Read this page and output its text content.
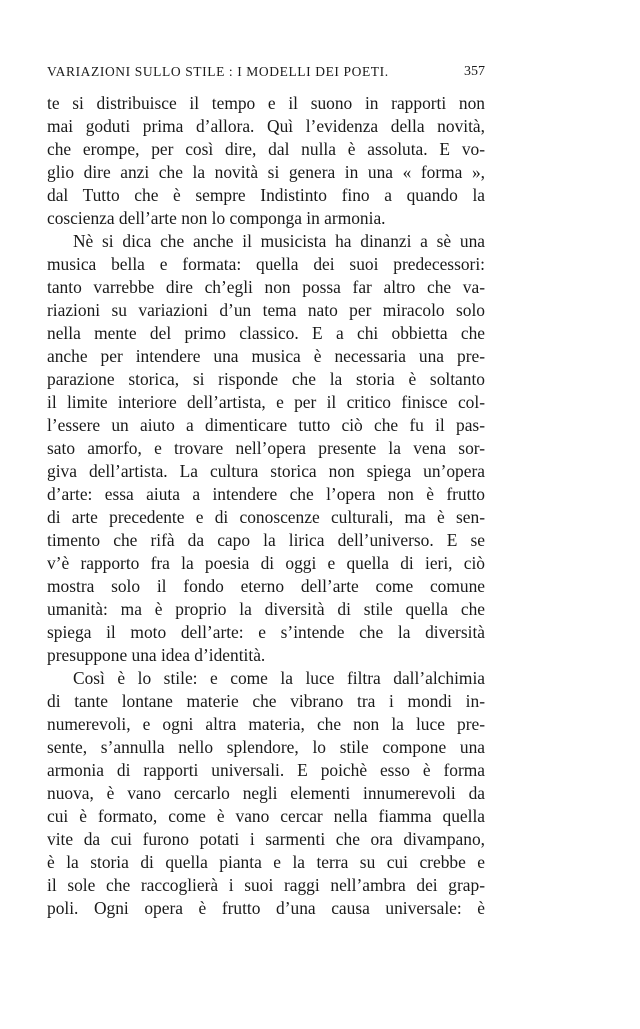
VARIAZIONI SULLO STILE : I MODELLI DEI POETI.	357
te si distribuisce il tempo e il suono in rapporti non
mai goduti prima d’allora. Quì l’evidenza della novità,
che erompe, per così dire, dal nulla è assoluta. E vo-
glio dire anzi che la novità si genera in una « forma »,
dal Tutto che è sempre Indistinto fino a quando la
coscienza dell’arte non lo componga in armonia.
Nè si dica che anche il musicista ha dinanzi a sè una
musica bella e formata: quella dei suoi predecessori:
tanto varrebbe dire ch’egli non possa far altro che va-
riazioni su variazioni d’un tema nato per miracolo solo
nella mente del primo classico. E a chi obbietta che
anche per intendere una musica è necessaria una pre-
parazione storica, si risponde che la storia è soltanto
il limite interiore dell’artista, e per il critico finisce col-
l’essere un aiuto a dimenticare tutto ciò che fu il pas-
sato amorfo, e trovare nell’opera presente la vena sor-
giva dell’artista. La cultura storica non spiega un’opera
d’arte: essa aiuta a intendere che l’opera non è frutto
di arte precedente e di conoscenze culturali, ma è sen-
timento che rifà da capo la lirica dell’universo. E se
v’è rapporto fra la poesia di oggi e quella di ieri, ciò
mostra solo il fondo eterno dell’arte come comune
umanità: ma è proprio la diversità di stile quella che
spiega il moto dell’arte: e s’intende che la diversità
presuppone una idea d’identità.
Così è lo stile: e come la luce filtra dall’alchimia
di tante lontane materie che vibrano tra i mondi in-
numerevoli, e ogni altra materia, che non la luce pre-
sente, s’annulla nello splendore, lo stile compone una
armonia di rapporti universali. E poichè esso è forma
nuova, è vano cercarlo negli elementi innumerevoli da
cui è formato, come è vano cercar nella fiamma quella
vite da cui furono potati i sarmenti che ora divampano,
è la storia di quella pianta e la terra su cui crebbe e
il sole che raccoglierà i suoi raggi nell’ambra dei grap-
poli. Ogni opera è frutto d’una causa universale: è
